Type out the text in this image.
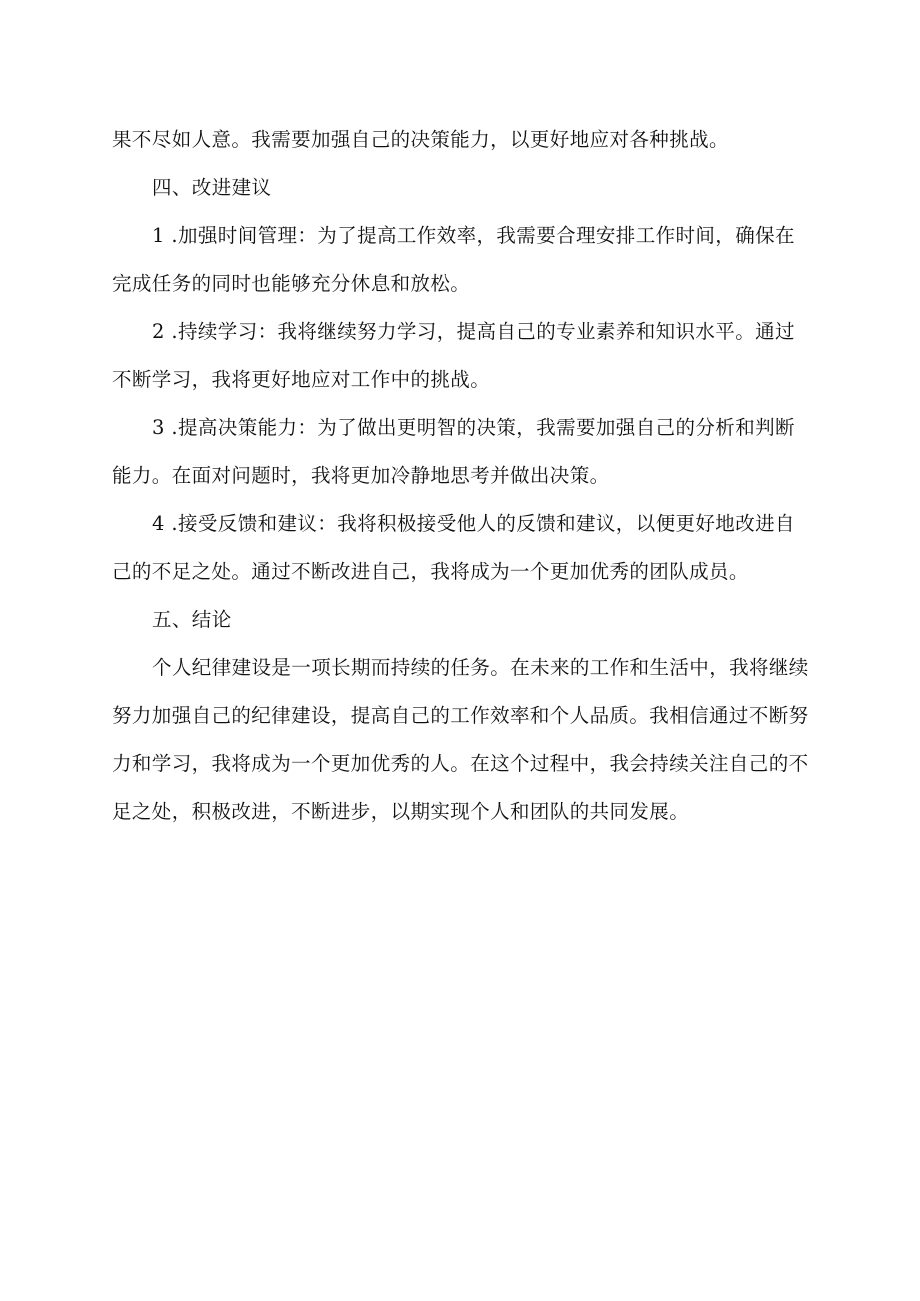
果不尽如人意。我需要加强自己的决策能力，以更好地应对各种挑战。
四、改进建议
1 .加强时间管理：为了提高工作效率，我需要合理安排工作时间，确保在
完成任务的同时也能够充分休息和放松。
2 .持续学习：我将继续努力学习，提高自己的专业素养和知识水平。通过
不断学习，我将更好地应对工作中的挑战。
3 .提高决策能力：为了做出更明智的决策，我需要加强自己的分析和判断
能力。在面对问题时，我将更加冷静地思考并做出决策。
4 .接受反馈和建议：我将积极接受他人的反馈和建议，以便更好地改进自
己的不足之处。通过不断改进自己，我将成为一个更加优秀的团队成员。
五、结论
个人纪律建设是一项长期而持续的任务。在未来的工作和生活中，我将继续
努力加强自己的纪律建设，提高自己的工作效率和个人品质。我相信通过不断努
力和学习，我将成为一个更加优秀的人。在这个过程中，我会持续关注自己的不
足之处，积极改进，不断进步，以期实现个人和团队的共同发展。
